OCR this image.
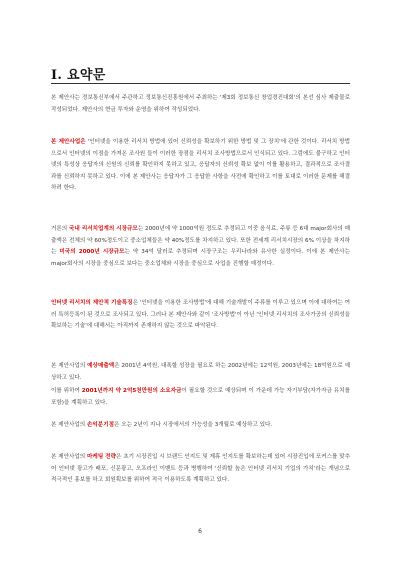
I. 요약문
본 제안사는 정보통신부에서 주관하고 정보통신진흥원에서 주최하는 '제3회 정보통신 창업경진대회'의 본선 심사 제출물로 작성되었다. 제안사의 현금 투자와 운영을 위하여 작성되었다.
본 제안사업은 '인터넷을 이용한 리서치 방법에 있어 신뢰성을 확보하기 위한 방법 및 그 장치'에 관한 것이다. 리서치 방법으로서 인터넷의 이점을 가져온 조사원 들이 이러한 장점을 리서치 조사방법으로서 인식되고 있다. 그럼에도 불구하고 인터넷의 특성상 응답자의 신원의 신뢰를 확인하지 못하고 있고, 응답자의 신뢰성 확보 없이 이를 활용하고, 결과적으로 조사결과를 신뢰하지 못하고 있다. 이에 본 제안사는 응답자가 그 응답한 사항을 사전에 확인하고 이를 토대로 이러한 문제를 해결하려 한다.
거론의 국내 리서치업계의 시장규모는 2000년에 약 1000억원 정도로 추정되고 이중 음식료, 주류 등 6대 major회사의 매출액은 전체의 약 60%정도이고 중소업체들은 약 40%정도를 차지하고 있다. 또한 전세계 리서치시장의 6% 이상을 차지하는 미국의 2000년 시장규모는 약 34억 달러로 추정되며 시장구조는 우리나라와 유사한 실정이다. 이에 본 제안사는 major회사의 시장을 중심으로 보다는 중소업체와 시장을 중심으로 사업을 진행할 예정이다.
인터넷 리서치의 제안적 기술특징은 '인터넷을 이용한 조사방법'에 대해 기술개발이 주류를 이루고 있으며 이에 대하여는 여러 특허등록이 된 것으로 조사되고 있다. 그러나 본 제안사와 같이 '조사방법'이 아닌 '인터넷 리서치의 조사가공의 신뢰성을 확보하는 기술'에 대해서는 아직까지 존재하지 않는 것으로 파악된다.
본 제안사업의 예상매출액은 2001년 4억원, 대폭할 성장을 필요로 하는 2002년에는 12억원, 2003년에는 18억원으로 예상하고 있다.
이를 위하여 2001년까지 약 2억5천만원의 소요자금이 필요할 것으로 예상되며 이 가운데 가능 자기부담(자가자금 유치를 포함)을 계획하고 있다.
본 제안사업의 손익분기점은 오는 2년이 지나 시장에서의 가능성을 3개월로 예상하고 있다.
본 제안사업의 마케팅 전략은 초기 시장진입 시 브랜드 인지도 및 제휴 인지도를 확보하는데 있어 시장진입에 포커스를 맞추어 인터넷 광고가 배포, 신문광고, 오프라인 이벤트 등과 병행하여 '신뢰할 높은 인터넷 리서치 기업의 가치'라는 개념으로 적극적인 홍보를 하고 회원획보를 위하여 적극 이용하도록 계획하고 있다.
6
